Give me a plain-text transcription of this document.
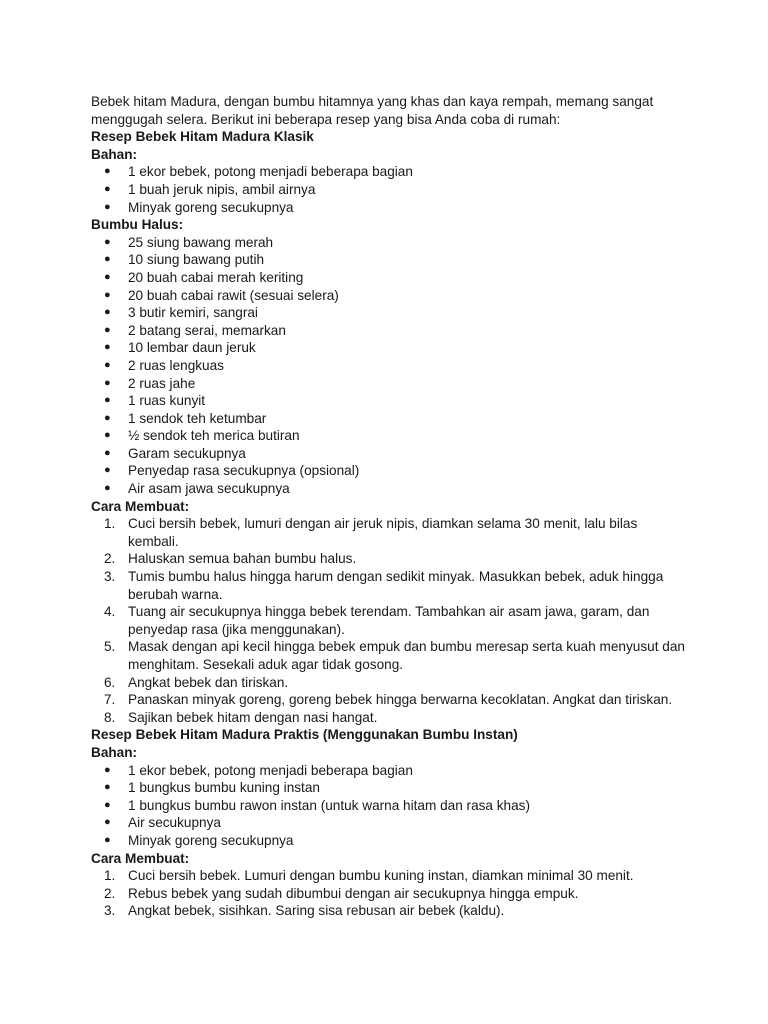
Bebek hitam Madura, dengan bumbu hitamnya yang khas dan kaya rempah, memang sangat menggugah selera. Berikut ini beberapa resep yang bisa Anda coba di rumah:

Resep Bebek Hitam Madura Klasik
Bahan:
● 1 ekor bebek, potong menjadi beberapa bagian
● 1 buah jeruk nipis, ambil airnya
● Minyak goreng secukupnya
Bumbu Halus:
● 25 siung bawang merah
● 10 siung bawang putih
● 20 buah cabai merah keriting
● 20 buah cabai rawit (sesuai selera)
● 3 butir kemiri, sangrai
● 2 batang serai, memarkan
● 10 lembar daun jeruk
● 2 ruas lengkuas
● 2 ruas jahe
● 1 ruas kunyit
● 1 sendok teh ketumbar
● ½ sendok teh merica butiran
● Garam secukupnya
● Penyedap rasa secukupnya (opsional)
● Air asam jawa secukupnya
Cara Membuat:
1. Cuci bersih bebek, lumuri dengan air jeruk nipis, diamkan selama 30 menit, lalu bilas kembali.
2. Haluskan semua bahan bumbu halus.
3. Tumis bumbu halus hingga harum dengan sedikit minyak. Masukkan bebek, aduk hingga berubah warna.
4. Tuang air secukupnya hingga bebek terendam. Tambahkan air asam jawa, garam, dan penyedap rasa (jika menggunakan).
5. Masak dengan api kecil hingga bebek empuk dan bumbu meresap serta kuah menyusut dan menghitam. Sesekali aduk agar tidak gosong.
6. Angkat bebek dan tiriskan.
7. Panaskan minyak goreng, goreng bebek hingga berwarna kecoklatan. Angkat dan tiriskan.
8. Sajikan bebek hitam dengan nasi hangat.
Resep Bebek Hitam Madura Praktis (Menggunakan Bumbu Instan)
Bahan:
● 1 ekor bebek, potong menjadi beberapa bagian
● 1 bungkus bumbu kuning instan
● 1 bungkus bumbu rawon instan (untuk warna hitam dan rasa khas)
● Air secukupnya
● Minyak goreng secukupnya
Cara Membuat:
1. Cuci bersih bebek. Lumuri dengan bumbu kuning instan, diamkan minimal 30 menit.
2. Rebus bebek yang sudah dibumbui dengan air secukupnya hingga empuk.
3. Angkat bebek, sisihkan. Saring sisa rebusan air bebek (kaldu).
